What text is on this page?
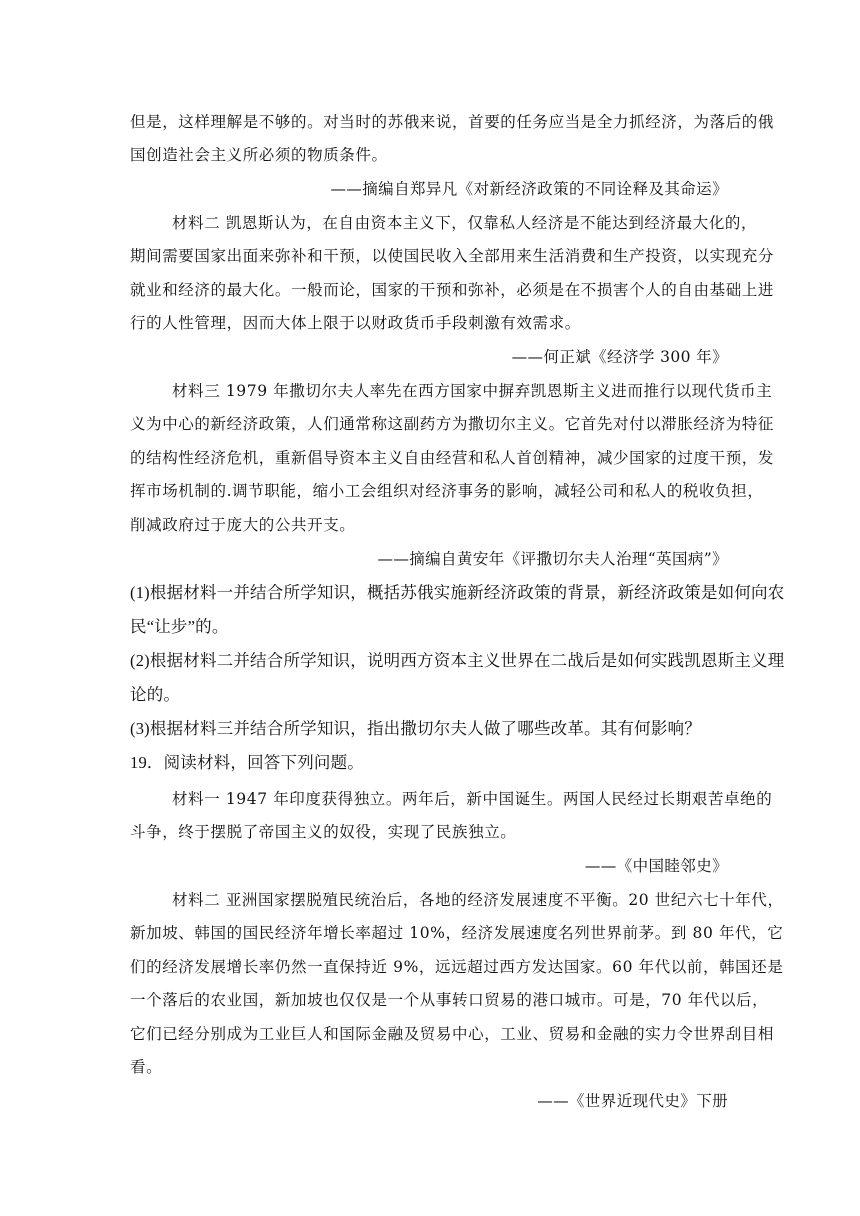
但是，这样理解是不够的。对当时的苏俄来说，首要的任务应当是全力抓经济，为落后的俄
国创造社会主义所必须的物质条件。
——摘编自郑异凡《对新经济政策的不同诠释及其命运》
材料二 凯恩斯认为，在自由资本主义下，仅靠私人经济是不能达到经济最大化的，
期间需要国家出面来弥补和干预，以使国民收入全部用来生活消费和生产投资，以实现充分
就业和经济的最大化。一般而论，国家的干预和弥补，必须是在不损害个人的自由基础上进
行的人性管理，因而大体上限于以财政货币手段刺激有效需求。
——何正斌《经济学 300 年》
材料三 1979 年撒切尔夫人率先在西方国家中摒弃凯恩斯主义进而推行以现代货币主
义为中心的新经济政策，人们通常称这副药方为撒切尔主义。它首先对付以滞胀经济为特征
的结构性经济危机，重新倡导资本主义自由经营和私人首创精神，减少国家的过度干预，发
挥市场机制的.调节职能，缩小工会组织对经济事务的影响，减轻公司和私人的税收负担，
削减政府过于庞大的公共开支。
——摘编自黄安年《评撒切尔夫人治理“英国病”》
(1)根据材料一并结合所学知识，概括苏俄实施新经济政策的背景，新经济政策是如何向农
民“让步”的。
(2)根据材料二并结合所学知识，说明西方资本主义世界在二战后是如何实践凯恩斯主义理
论的。
(3)根据材料三并结合所学知识，指出撒切尔夫人做了哪些改革。其有何影响？
19．阅读材料，回答下列问题。
材料一 1947 年印度获得独立。两年后，新中国诞生。两国人民经过长期艰苦卓绝的
斗争，终于摆脱了帝国主义的奴役，实现了民族独立。
——《中国睦邻史》
材料二 亚洲国家摆脱殖民统治后，各地的经济发展速度不平衡。20 世纪六七十年代，
新加坡、韩国的国民经济年增长率超过 10%，经济发展速度名列世界前茅。到 80 年代，它
们的经济发展增长率仍然一直保持近 9%，远远超过西方发达国家。60 年代以前，韩国还是
一个落后的农业国，新加坡也仅仅是一个从事转口贸易的港口城市。可是，70 年代以后，
它们已经分别成为工业巨人和国际金融及贸易中心，工业、贸易和金融的实力令世界刮目相
看。
——《世界近现代史》下册
